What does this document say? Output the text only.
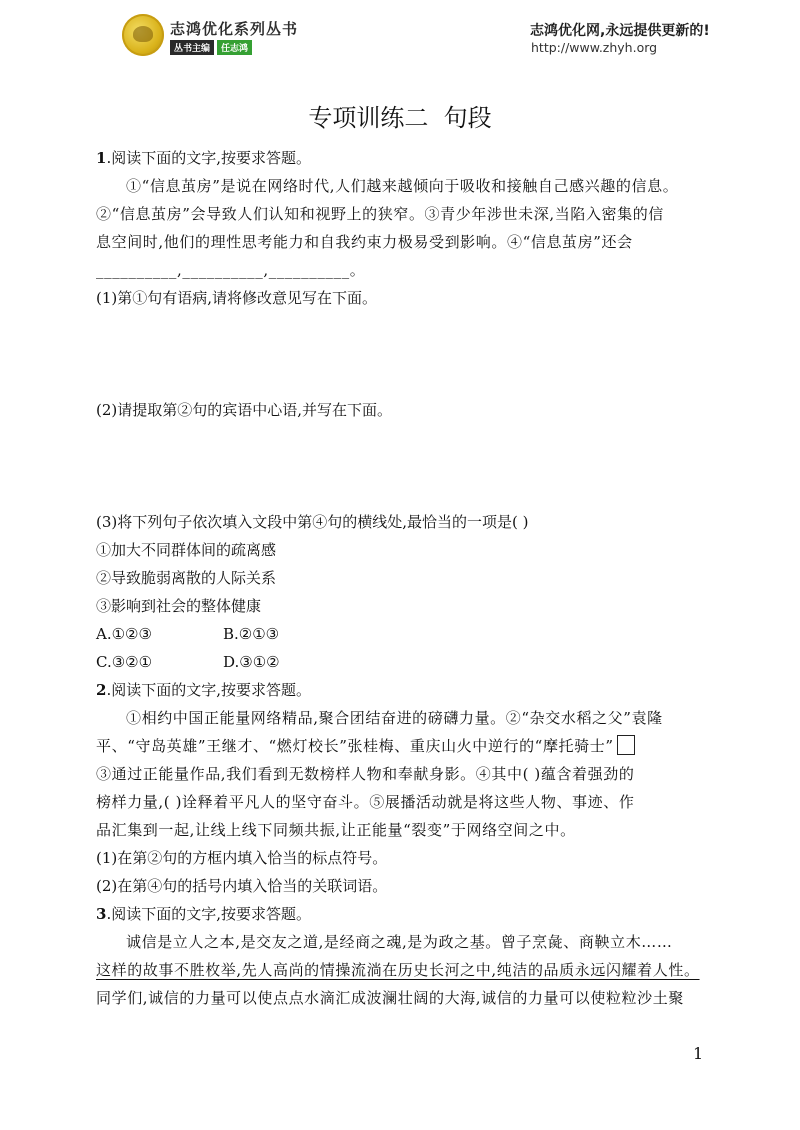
志鸿优化系列丛书
丛书主编	任志鸿
志鸿优化网,永远提供更新的!
http://www.zhyh.org
专项训练二  句段
1.阅读下面的文字,按要求答题。
①“信息茧房”是说在网络时代,人们越来越倾向于吸收和接触自己感兴趣的信息。
②“信息茧房”会导致人们认知和视野上的狭窄。③青少年涉世未深,当陷入密集的信
息空间时,他们的理性思考能力和自我约束力极易受到影响。④“信息茧房”还会
__________,__________,__________。
(1)第①句有语病,请将修改意见写在下面。
(2)请提取第②句的宾语中心语,并写在下面。
(3)将下列句子依次填入文段中第④句的横线处,最恰当的一项是( )
①加大不同群体间的疏离感
②导致脆弱离散的人际关系
③影响到社会的整体健康
A.①②③	B.②①③
C.③②①	D.③①②
2.阅读下面的文字,按要求答题。
①相约中国正能量网络精品,聚合团结奋进的磅礴力量。②“杂交水稻之父”袁隆
平、“守岛英雄”王继才、“燃灯校长”张桂梅、重庆山火中逆行的“摩托骑士”
③通过正能量作品,我们看到无数榜样人物和奉献身影。④其中( )蕴含着强劲的
榜样力量,( )诠释着平凡人的坚守奋斗。⑤展播活动就是将这些人物、事迹、作
品汇集到一起,让线上线下同频共振,让正能量“裂变”于网络空间之中。
(1)在第②句的方框内填入恰当的标点符号。
(2)在第④句的括号内填入恰当的关联词语。
3.阅读下面的文字,按要求答题。
诚信是立人之本,是交友之道,是经商之魂,是为政之基。曾子烹彘、商鞅立木……
这样的故事不胜枚举,先人高尚的情操流淌在历史长河之中,纯洁的品质永远闪耀着人性。
同学们,诚信的力量可以使点点水滴汇成波澜壮阔的大海,诚信的力量可以使粒粒沙土聚
1
